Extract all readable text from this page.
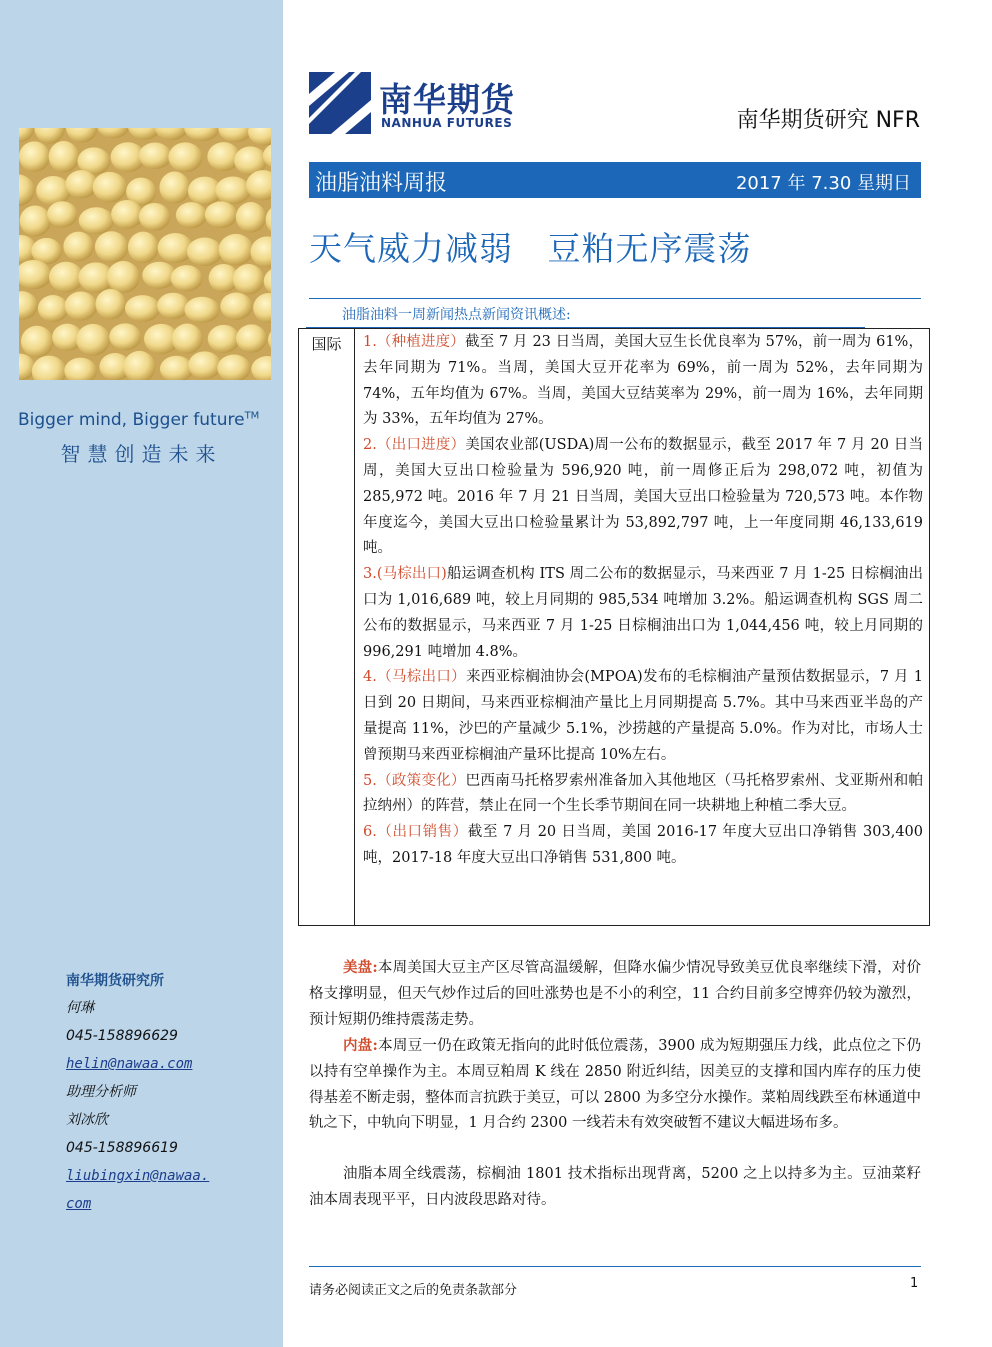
Bigger mind, Bigger future™
智慧创造未来
南华期货研究所
何琳
045-158896629
helin@nawaa.com
助理分析师
刘冰欣
045-158896619
liubingxin@nawaa.
com
南华期货
NANHUA FUTURES	南华期货研究 NFR
油脂油料周报	2017 年 7.30 星期日
天气威力减弱   豆粕无序震荡
油脂油料一周新闻热点新闻资讯概述:
国际	1.（种植进度）截至 7 月 23 日当周，美国大豆生长优良率为 57%，前一周为 61%，去年同期为 71%。当周，美国大豆开花率为 69%，前一周为 52%，去年同期为 74%，五年均值为 67%。当周，美国大豆结荚率为 29%，前一周为 16%，去年同期为 33%，五年均值为 27%。
2.（出口进度）美国农业部(USDA)周一公布的数据显示，截至 2017 年 7 月 20 日当周，美国大豆出口检验量为 596,920 吨，前一周修正后为 298,072 吨，初值为 285,972 吨。2016 年 7 月 21 日当周，美国大豆出口检验量为 720,573 吨。本作物年度迄今，美国大豆出口检验量累计为 53,892,797 吨，上一年度同期 46,133,619 吨。
3.(马棕出口)船运调查机构 ITS 周二公布的数据显示，马来西亚 7 月 1-25 日棕榈油出口为 1,016,689 吨，较上月同期的 985,534 吨增加 3.2%。船运调查机构 SGS 周二公布的数据显示，马来西亚 7 月 1-25 日棕榈油出口为 1,044,456 吨，较上月同期的 996,291 吨增加 4.8%。
4.（马棕出口）来西亚棕榈油协会(MPOA)发布的毛棕榈油产量预估数据显示，7 月 1 日到 20 日期间，马来西亚棕榈油产量比上月同期提高 5.7%。其中马来西亚半岛的产量提高 11%，沙巴的产量减少 5.1%，沙捞越的产量提高 5.0%。作为对比，市场人士曾预期马来西亚棕榈油产量环比提高 10%左右。
5.（政策变化）巴西南马托格罗索州准备加入其他地区（马托格罗索州、戈亚斯州和帕拉纳州）的阵营，禁止在同一个生长季节期间在同一块耕地上种植二季大豆。
6.（出口销售）截至 7 月 20 日当周，美国 2016-17 年度大豆出口净销售 303,400 吨，2017-18 年度大豆出口净销售 531,800 吨。
美盘:本周美国大豆主产区尽管高温缓解，但降水偏少情况导致美豆优良率继续下滑，对价格支撑明显，但天气炒作过后的回吐涨势也是不小的利空，11 合约目前多空博弈仍较为激烈，预计短期仍维持震荡走势。
内盘:本周豆一仍在政策无指向的此时低位震荡，3900 成为短期强压力线，此点位之下仍以持有空单操作为主。本周豆粕周 K 线在 2850 附近纠结，因美豆的支撑和国内库存的压力使得基差不断走弱，整体而言抗跌于美豆，可以 2800 为多空分水操作。菜粕周线跌至布林通道中轨之下，中轨向下明显，1 月合约 2300 一线若未有效突破暂不建议大幅进场布多。
油脂本周全线震荡，棕榈油 1801 技术指标出现背离，5200 之上以持多为主。豆油菜籽油本周表现平平，日内波段思路对待。
请务必阅读正文之后的免责条款部分	1
